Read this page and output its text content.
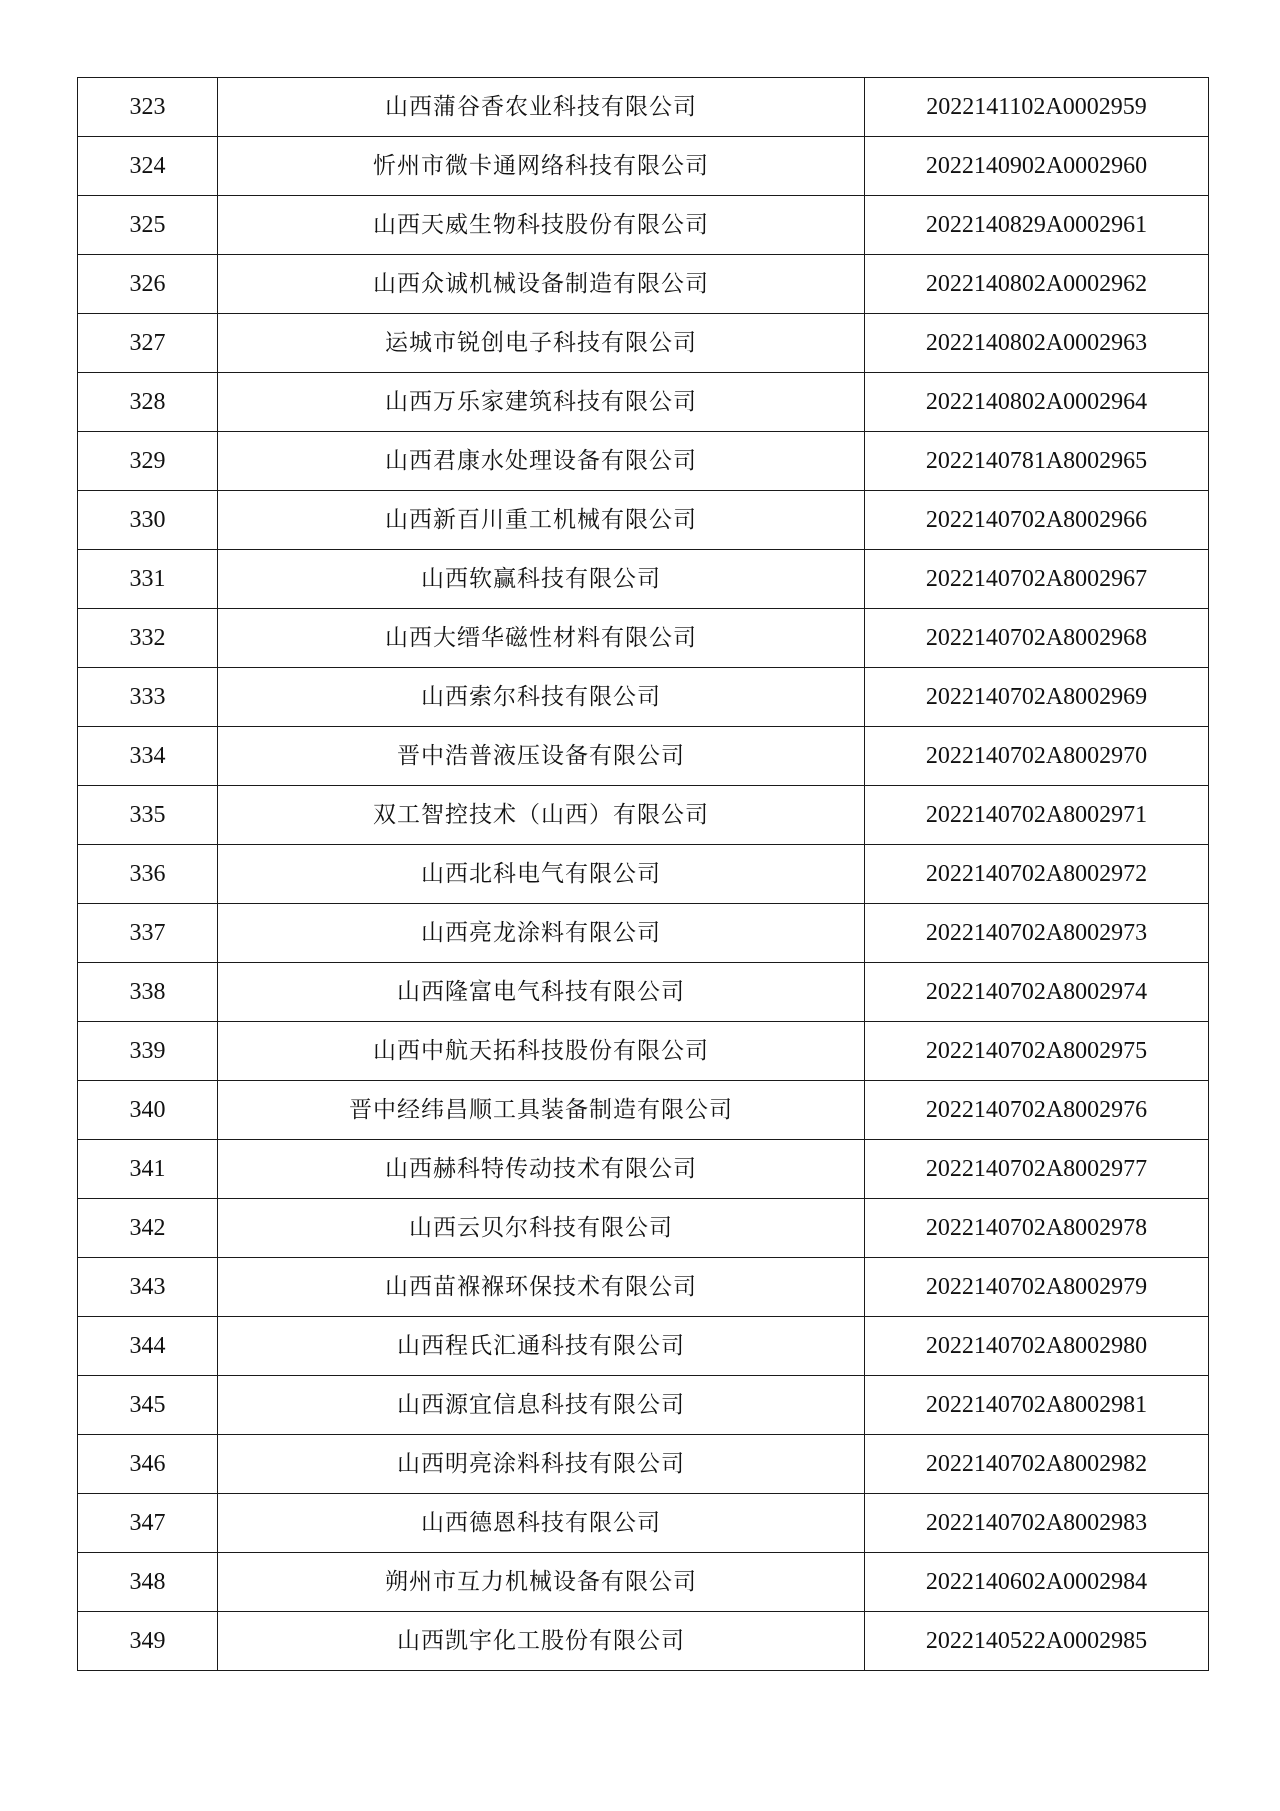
323	山西蒲谷香农业科技有限公司	2022141102A0002959
324	忻州市微卡通网络科技有限公司	2022140902A0002960
325	山西天威生物科技股份有限公司	2022140829A0002961
326	山西众诚机械设备制造有限公司	2022140802A0002962
327	运城市锐创电子科技有限公司	2022140802A0002963
328	山西万乐家建筑科技有限公司	2022140802A0002964
329	山西君康水处理设备有限公司	2022140781A8002965
330	山西新百川重工机械有限公司	2022140702A8002966
331	山西软赢科技有限公司	2022140702A8002967
332	山西大缙华磁性材料有限公司	2022140702A8002968
333	山西索尔科技有限公司	2022140702A8002969
334	晋中浩普液压设备有限公司	2022140702A8002970
335	双工智控技术（山西）有限公司	2022140702A8002971
336	山西北科电气有限公司	2022140702A8002972
337	山西亮龙涂料有限公司	2022140702A8002973
338	山西隆富电气科技有限公司	2022140702A8002974
339	山西中航天拓科技股份有限公司	2022140702A8002975
340	晋中经纬昌顺工具装备制造有限公司	2022140702A8002976
341	山西赫科特传动技术有限公司	2022140702A8002977
342	山西云贝尔科技有限公司	2022140702A8002978
343	山西苗褓褓环保技术有限公司	2022140702A8002979
344	山西程氏汇通科技有限公司	2022140702A8002980
345	山西源宜信息科技有限公司	2022140702A8002981
346	山西明亮涂料科技有限公司	2022140702A8002982
347	山西德恩科技有限公司	2022140702A8002983
348	朔州市互力机械设备有限公司	2022140602A0002984
349	山西凯宇化工股份有限公司	2022140522A0002985
